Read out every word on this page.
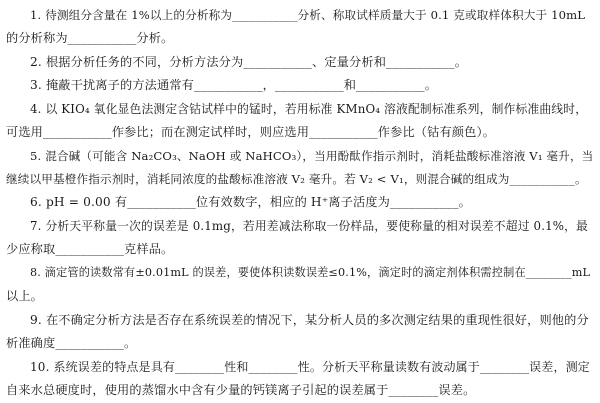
1. 待测组分含量在 1%以上的分析称为___________分析、称取试样质量大于 0.1 克或取样体积大于 10mL
的分析称为___________分析。
2. 根据分析任务的不同，分析方法分为___________、定量分析和___________。
3. 掩蔽干扰离子的方法通常有___________，___________和___________。
4. 以 KIO₄ 氧化显色法测定含钴试样中的锰时，若用标准 KMnO₄ 溶液配制标准系列，制作标准曲线时，
可选用___________作参比；而在测定试样时，则应选用___________作参比（钴有颜色）。
5. 混合碱（可能含 Na₂CO₃、NaOH 或 NaHCO₃），当用酚酞作指示剂时，消耗盐酸标准溶液 V₁ 毫升，当
继续以甲基橙作指示剂时，消耗同浓度的盐酸标准溶液 V₂ 毫升。若 V₂ < V₁，则混合碱的组成为___________。
6. pH = 0.00 有___________位有效数字，相应的 H⁺离子活度为___________。
7. 分析天平称量一次的误差是 0.1mg，若用差减法称取一份样品，要使称量的相对误差不超过 0.1%，最
少应称取___________克样品。
8. 滴定管的读数常有±0.01mL 的误差，要使体积读数误差≤0.1%，滴定时的滴定剂体积需控制在________mL
以上。
9. 在不确定分析方法是否存在系统误差的情况下，某分析人员的多次测定结果的重现性很好，则他的分
析准确度___________。
10. 系统误差的特点是具有________性和________性。分析天平称量读数有波动属于________误差，测定
自来水总硬度时，使用的蒸馏水中含有少量的钙镁离子引起的误差属于________误差。
